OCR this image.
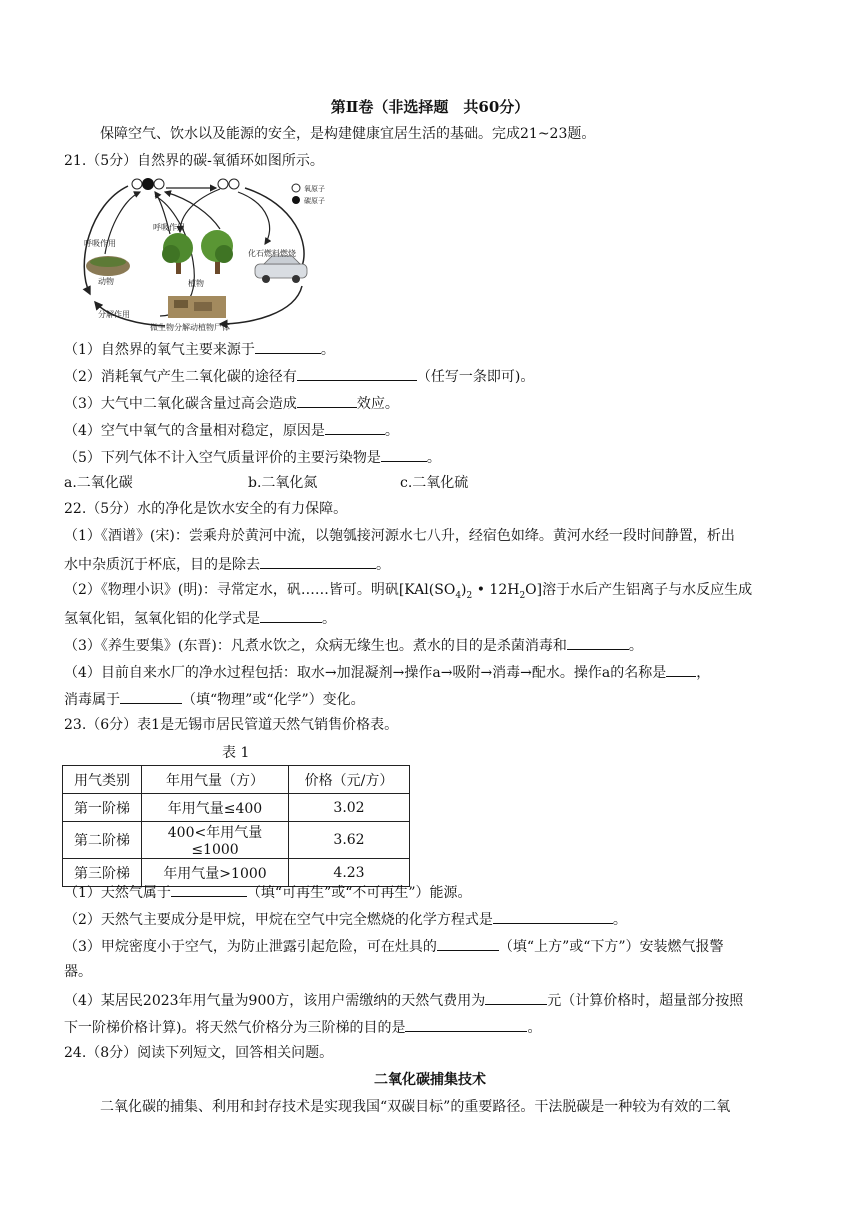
第Ⅱ卷（非选择题　共60分）
保障空气、饮水以及能源的安全，是构建健康宜居生活的基础。完成21~23题。
21.（5分）自然界的碳-氧循环如图所示。
氧原子
碳原子
呼吸作用
呼吸作用
动物	植物
化石燃料燃烧
分解作用
微生物分解动植物尸体
（1）自然界的氧气主要来源于	。
（2）消耗氧气产生二氧化碳的途径有	（任写一条即可)。
（3）大气中二氧化碳含量过高会造成	效应。
（4）空气中氧气的含量相对稳定，原因是	。
（5）下列气体不计入空气质量评价的主要污染物是	。
a.二氧化碳	b.二氧化氮	c.二氧化硫
22.（5分）水的净化是饮水安全的有力保障。
（1）《酒谱》(宋)：尝乘舟於黄河中流，以匏瓠接河源水七八升，经宿色如绛。黄河水经一段时间静置，析出
水中杂质沉于杯底，目的是除去	。
（2）《物理小识》(明)：寻常定水，矾……皆可。明矾[$KAl(SO_4)_2$ • $12H_2O$]溶于水后产生铝离子与水反应生成
氢氧化铝，氢氧化铝的化学式是	。
（3）《养生要集》(东晋)：凡煮水饮之，众病无缘生也。煮水的目的是杀菌消毒和	。
（4）目前自来水厂的净水过程包括：取水→加混凝剂→操作a→吸附→消毒→配水。操作a的名称是 ，
消毒属于	（填“物理”或“化学”）变化。
23.（6分）表1是无锡市居民管道天然气销售价格表。
表 1
用气类别	年用气量（方）	价格（元/方）
第一阶梯	年用气量≤400	3.02
第二阶梯	400<年用气量≤1000	3.62
第三阶梯	年用气量>1000	4.23
（1）天然气属于	（填“可再生”或“不可再生”）能源。
（2）天然气主要成分是甲烷，甲烷在空气中完全燃烧的化学方程式是	。
（3）甲烷密度小于空气，为防止泄露引起危险，可在灶具的	（填“上方”或“下方”）安装燃气报警
器。
（4）某居民2023年用气量为900方，该用户需缴纳的天然气费用为	元（计算价格时，超量部分按照
下一阶梯价格计算)。将天然气价格分为三阶梯的目的是	。
24.（8分）阅读下列短文，回答相关问题。
二氧化碳捕集技术
二氧化碳的捕集、利用和封存技术是实现我国“双碳目标”的重要路径。干法脱碳是一种较为有效的二氧
